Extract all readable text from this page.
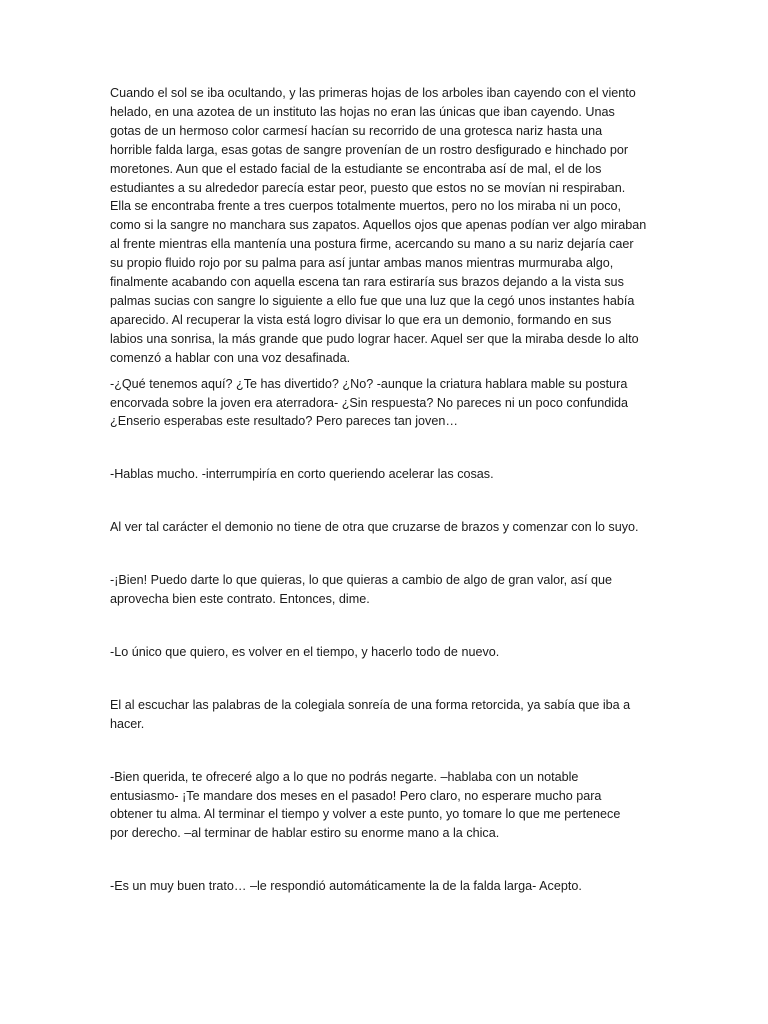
Cuando el sol se iba ocultando, y las primeras hojas de los arboles iban cayendo con el viento
helado, en una azotea de un instituto las hojas no eran las únicas que iban cayendo. Unas
gotas de un hermoso color carmesí hacían su recorrido de una grotesca nariz hasta una
horrible falda larga, esas gotas de sangre provenían de un rostro desfigurado e hinchado por
moretones. Aun que el estado facial de la estudiante se encontraba así de mal, el de los
estudiantes a su alrededor parecía estar peor, puesto que estos no se movían ni respiraban.
Ella se encontraba frente a tres cuerpos totalmente muertos, pero no los miraba ni un poco,
como si la sangre no manchara sus zapatos. Aquellos ojos que apenas podían ver algo miraban
al frente mientras ella mantenía una postura firme, acercando su mano a su nariz dejaría caer
su propio fluido rojo por su palma para así juntar ambas manos mientras murmuraba algo,
finalmente acabando con aquella escena tan rara estiraría sus brazos dejando a la vista sus
palmas sucias con sangre lo siguiente a ello fue que una luz que la cegó unos instantes había
aparecido. Al recuperar la vista está logro divisar lo que era un demonio, formando en sus
labios una sonrisa, la más grande que pudo lograr hacer. Aquel ser que la miraba desde lo alto
comenzó a hablar con una voz desafinada.

-¿Qué tenemos aquí? ¿Te has divertido? ¿No? -aunque la criatura hablara mable su postura
encorvada sobre la joven era aterradora- ¿Sin respuesta? No pareces ni un poco confundida
¿Enserio esperabas este resultado? Pero pareces tan joven…

-Hablas mucho. -interrumpiría en corto queriendo acelerar las cosas.

Al ver tal carácter el demonio no tiene de otra que cruzarse de brazos y comenzar con lo suyo.

-¡Bien! Puedo darte lo que quieras, lo que quieras a cambio de algo de gran valor, así que
aprovecha bien este contrato. Entonces, dime.

-Lo único que quiero, es volver en el tiempo, y hacerlo todo de nuevo.

El al escuchar las palabras de la colegiala sonreía de una forma retorcida, ya sabía que iba a
hacer.

-Bien querida, te ofreceré algo a lo que no podrás negarte. –hablaba con un notable
entusiasmo- ¡Te mandare dos meses en el pasado! Pero claro, no esperare mucho para
obtener tu alma. Al terminar el tiempo y volver a este punto, yo tomare lo que me pertenece
por derecho. –al terminar de hablar estiro su enorme mano a la chica.

-Es un muy buen trato… –le respondió automáticamente la de la falda larga- Acepto.
